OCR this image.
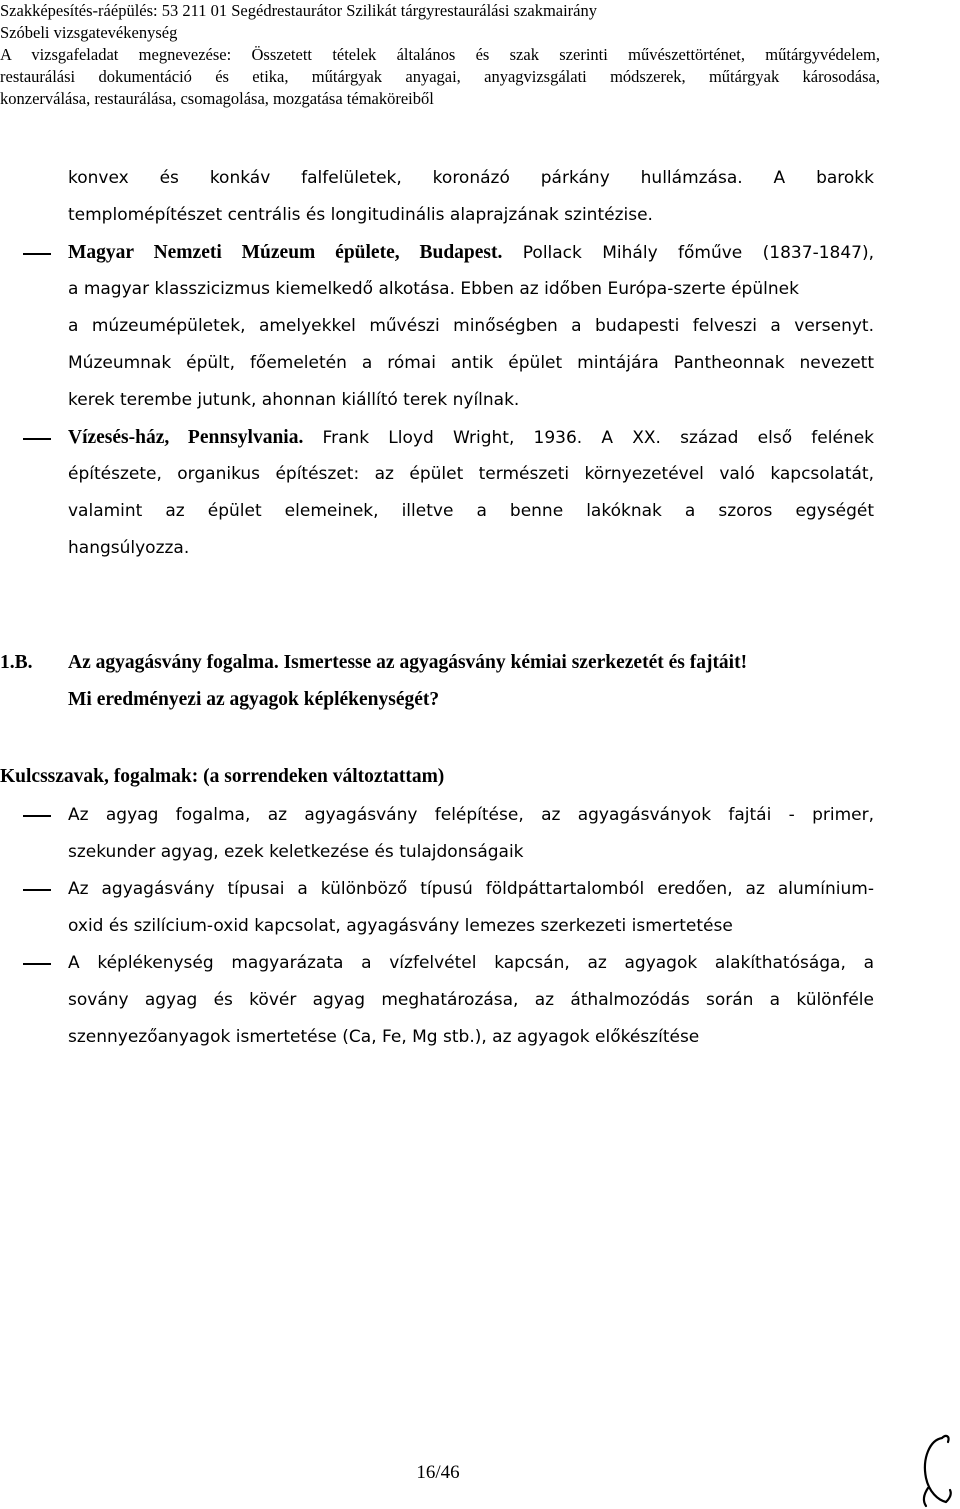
Szakképesítés-ráépülés: 53 211 01 Segédrestaurátor Szilikát tárgyrestaurálási szakmairány
Szóbeli vizsgatevékenység
A vizsgafeladat megnevezése: Összetett tételek általános és szak szerinti művészettörténet, műtárgyvédelem,
restaurálási dokumentáció és etika, műtárgyak anyagai, anyagvizsgálati módszerek, műtárgyak károsodása,
konzerválása, restaurálása, csomagolása, mozgatása témaköreiből
konvex és konkáv falfelületek, koronázó párkány hullámzása. A barokk
templomépítészet centrális és longitudinális alaprajzának szintézise.
Magyar Nemzeti Múzeum épülete, Budapest. Pollack Mihály főműve (1837-1847),
a magyar klasszicizmus kiemelkedő alkotása. Ebben az időben Európa-szerte épülnek
a múzeumépületek, amelyekkel művészi minőségben a budapesti felveszi a versenyt.
Múzeumnak épült, főemeletén a római antik épület mintájára Pantheonnak nevezett
kerek terembe jutunk, ahonnan kiállító terek nyílnak.
Vízesés-ház, Pennsylvania. Frank Lloyd Wright, 1936. A XX. század első felének
építészete, organikus építészet: az épület természeti környezetével való kapcsolatát,
valamint az épület elemeinek, illetve a benne lakóknak a szoros egységét
hangsúlyozza.
1.B. Az agyagásvány fogalma. Ismertesse az agyagásvány kémiai szerkezetét és fajtáit!
Mi eredményezi az agyagok képlékenységét?
Kulcsszavak, fogalmak: (a sorrendeken változtattam)
Az agyag fogalma, az agyagásvány felépítése, az agyagásványok fajtái - primer,
szekunder agyag, ezek keletkezése és tulajdonságaik
Az agyagásvány típusai a különböző típusú földpáttartalomból eredően, az alumínium-
oxid és szilícium-oxid kapcsolat, agyagásvány lemezes szerkezeti ismertetése
A képlékenység magyarázata a vízfelvétel kapcsán, az agyagok alakíthatósága, a
sovány agyag és kövér agyag meghatározása, az áthalmozódás során a különféle
szennyezőanyagok ismertetése (Ca, Fe, Mg stb.), az agyagok előkészítése
16/46
